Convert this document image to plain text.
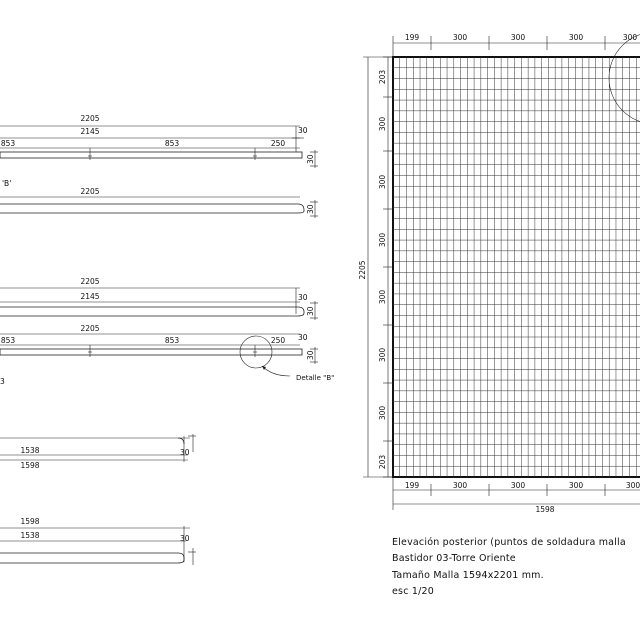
2205
2145	30
853	853	250
30
'B'
2205
30
2205
2145	30
30
2205
853	853	250 30
30
Detalle "B"
3
1538
1598
30
1598
1538	30
199	300	300	300	300
199	300	300	300	300
1598
203
300
300
300
300
300
300
203
2205
Elevación posterior (puntos de soldadura malla
Bastidor 03-Torre Oriente
Tamaño Malla 1594x2201 mm.
esc 1/20
